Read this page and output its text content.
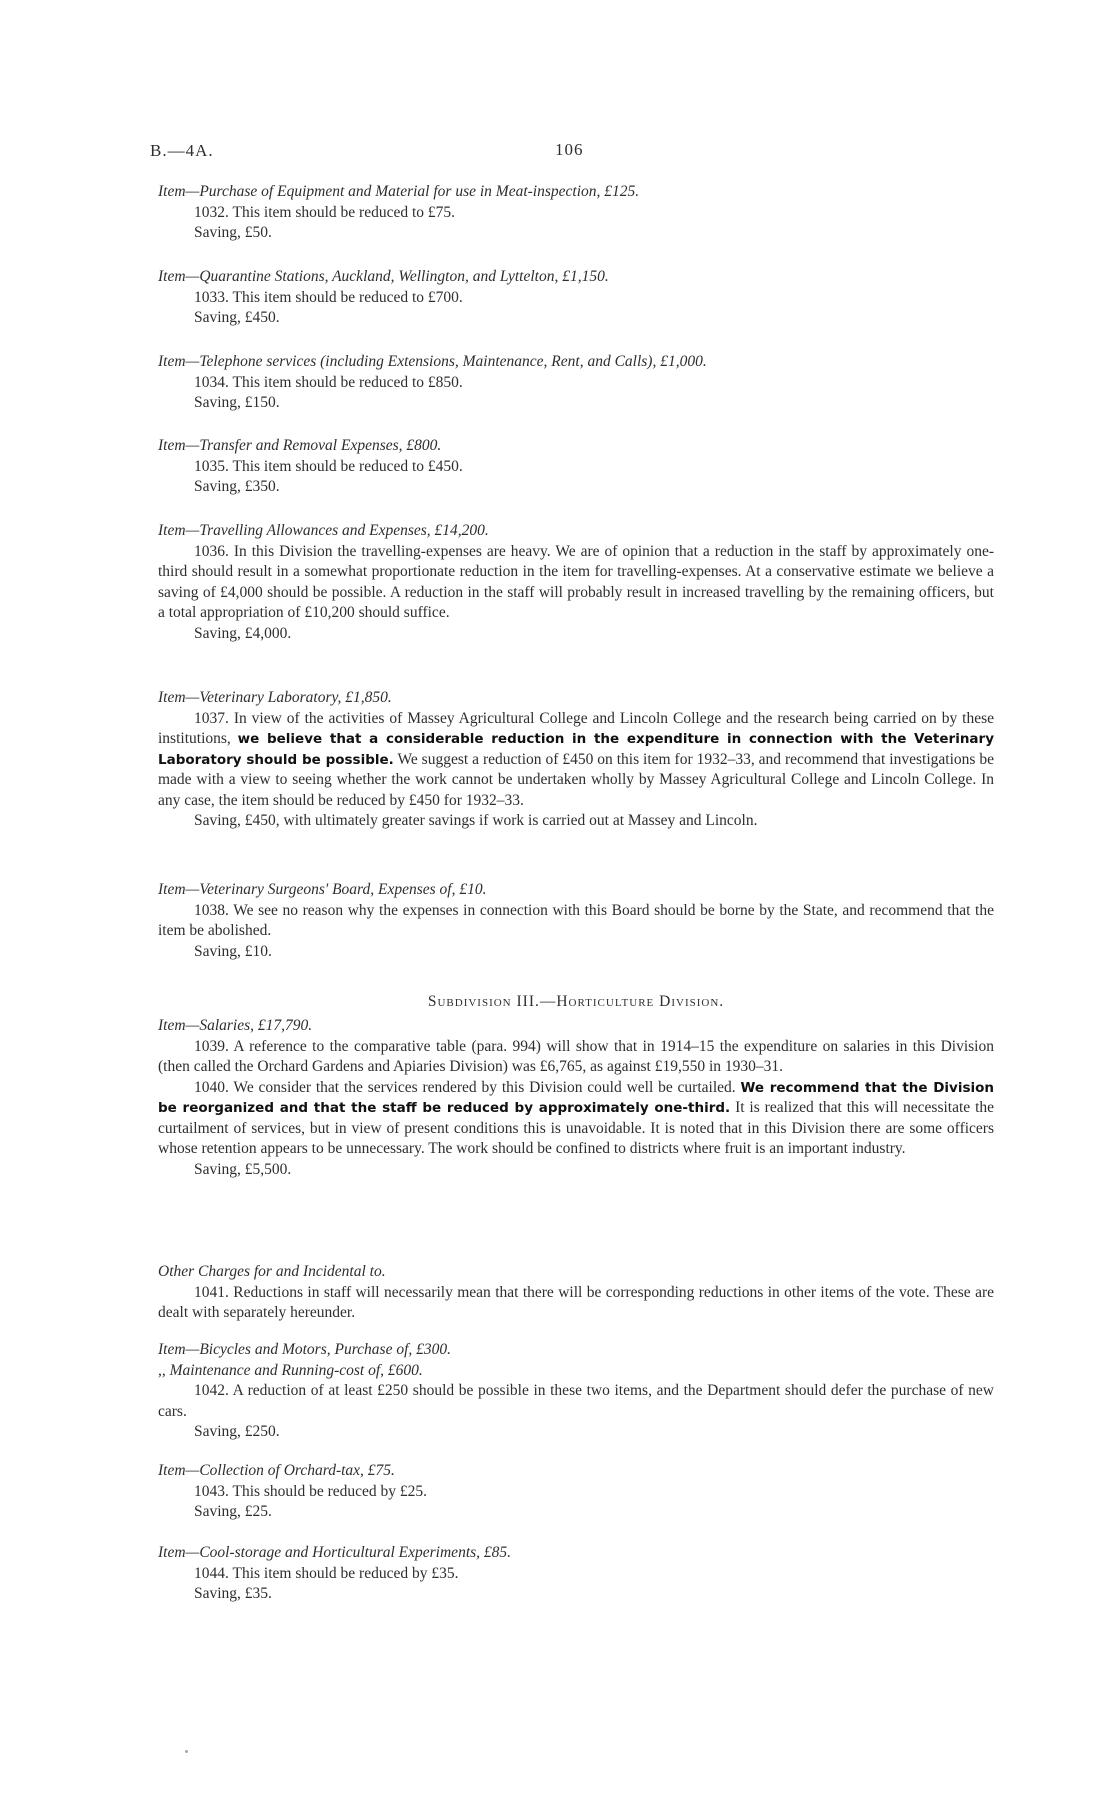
B.—4A.	106

Item—Purchase of Equipment and Material for use in Meat-inspection, £125.

1032. This item should be reduced to £75.

Saving, £50.

Item—Quarantine Stations, Auckland, Wellington, and Lyttelton, £1,150.

1033. This item should be reduced to £700.

Saving, £450.

Item—Telephone services (including Extensions, Maintenance, Rent, and Calls), £1,000.

1034. This item should be reduced to £850.

Saving, £150.

Item—Transfer and Removal Expenses, £800.

1035. This item should be reduced to £450.

Saving, £350.

Item—Travelling Allowances and Expenses, £14,200.

1036. In this Division the travelling-expenses are heavy. We are of opinion that a reduction in the staff by approximately one-third should result in a somewhat proportionate reduction in the item for travelling-expenses. At a conservative estimate we believe a saving of £4,000 should be possible. A reduction in the staff will probably result in increased travelling by the remaining officers, but a total appropriation of £10,200 should suffice.

Saving, £4,000.

Item—Veterinary Laboratory, £1,850.

1037. In view of the activities of Massey Agricultural College and Lincoln College and the research being carried on by these institutions, we believe that a considerable reduction in the expenditure in connection with the Veterinary Laboratory should be possible. We suggest a reduction of £450 on this item for 1932–33, and recommend that investigations be made with a view to seeing whether the work cannot be undertaken wholly by Massey Agricultural College and Lincoln College. In any case, the item should be reduced by £450 for 1932–33.

Saving, £450, with ultimately greater savings if work is carried out at Massey and Lincoln.

Item—Veterinary Surgeons' Board, Expenses of, £10.

1038. We see no reason why the expenses in connection with this Board should be borne by the State, and recommend that the item be abolished.

Saving, £10.

Subdivision III.—Horticulture Division.

Item—Salaries, £17,790.

1039. A reference to the comparative table (para. 994) will show that in 1914–15 the expenditure on salaries in this Division (then called the Orchard Gardens and Apiaries Division) was £6,765, as against £19,550 in 1930–31.

1040. We consider that the services rendered by this Division could well be curtailed. We recommend that the Division be reorganized and that the staff be reduced by approximately one-third. It is realized that this will necessitate the curtailment of services, but in view of present conditions this is unavoidable. It is noted that in this Division there are some officers whose retention appears to be unnecessary. The work should be confined to districts where fruit is an important industry.

Saving, £5,500.

Other Charges for and Incidental to.

1041. Reductions in staff will necessarily mean that there will be corresponding reductions in other items of the vote. These are dealt with separately hereunder.

Item—Bicycles and Motors, Purchase of, £300.

,, Maintenance and Running-cost of, £600.

1042. A reduction of at least £250 should be possible in these two items, and the Department should defer the purchase of new cars.

Saving, £250.

Item—Collection of Orchard-tax, £75.

1043. This should be reduced by £25.

Saving, £25.

Item—Cool-storage and Horticultural Experiments, £85.

1044. This item should be reduced by £35.

Saving, £35.
